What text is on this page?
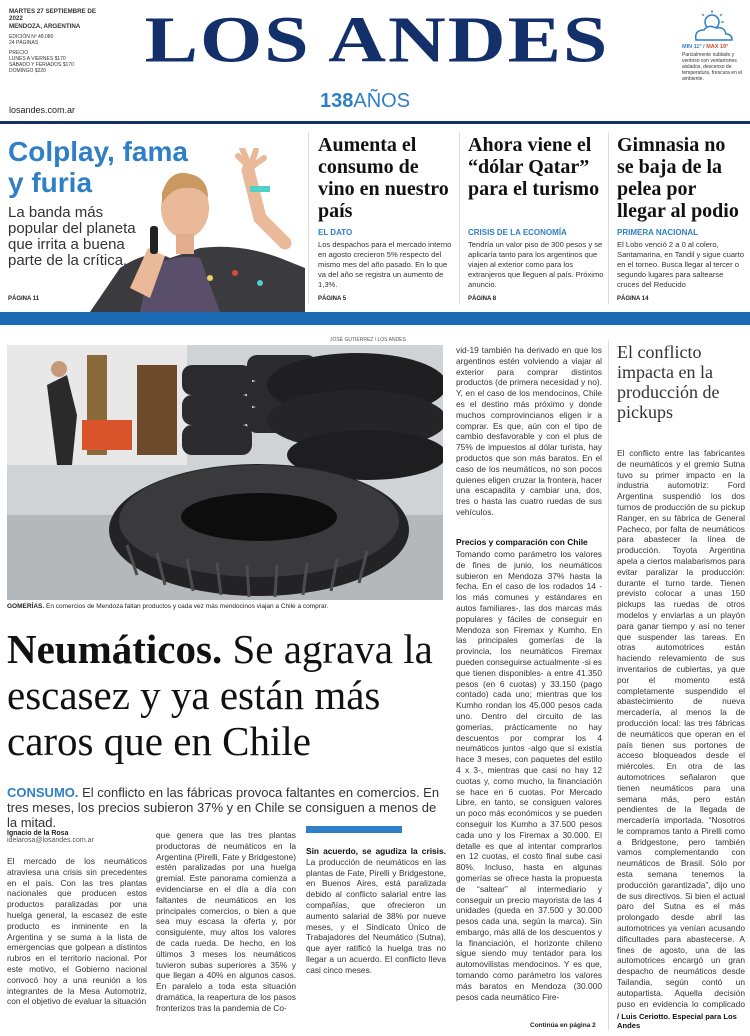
MARTES 27 SEPTIEMBRE DE 2022
MENDOZA, ARGENTINA
EDICIÓN Nº 48.080
24 PÁGINAS
PRECIO
LUNES A VIERNES $170
SÁBADO Y FERIADOS $170
DOMINGO $220	LOS ANDES
138AÑOS
losandes.com.ar
MIN 11° / MAX 19°
Parcialmente nublado y ventoso con ventarrones aislados, descenso de temperatura, frescura en el ambiente.
Colplay, fama y furia
La banda más popular del planeta que irrita a buena parte de la crítica.
PÁGINA 11
Aumenta el consumo de vino en nuestro país
EL DATO
Los despachos para el mercado interno en agosto crecieron 5% respecto del mismo mes del año pasado. En lo que va del año se registra un aumento de 1,3%.
PÁGINA 5
Ahora viene el “dólar Qatar” para el turismo
CRISIS DE LA ECONOMÍA
Tendría un valor piso de 300 pesos y se aplicaría tanto para los argentinos que viajen al exterior como para los extranjeros que lleguen al país. Próximo anuncio.
PÁGINA 8
Gimnasia no se baja de la pelea por llegar al podio
PRIMERA NACIONAL
El Lobo venció 2 a 0 al colero, Santamarina, en Tandil y sigue cuarto en el torneo. Busca llegar al tercer o segundo lugares para saltearse cruces del Reducido
PÁGINA 14
JOSÉ GUTIÉRREZ / LOS ANDES
GOMERÍAS. En comercios de Mendoza faltan productos y cada vez más mendocinos viajan a Chile a comprar.
Neumáticos. Se agrava la escasez y ya están más caros que en Chile
CONSUMO. El conflicto en las fábricas provoca faltantes en comercios. En tres meses, los precios subieron 37% y en Chile se consiguen a menos de la mitad.
Ignacio de la Rosa
idelarosa@losandes.com.ar
El mercado de los neumáticos atraviesa una crisis sin precedentes en el país. Con las tres plantas nacionales que producen estos productos paralizadas por una huelga general, la escasez de este producto es inminente en la Argentina y se suma a la lista de emergencias que golpean a distintos rubros en el territorio nacional. Por este motivo, el Gobierno nacional convocó hoy a una reunión a los integrantes de la Mesa Automotriz, con el objetivo de evaluar la situación
que genera que las tres plantas productoras de neumáticos en la Argentina (Pirelli, Fate y Bridgestone) estén paralizadas por una huelga gremial. Este panorama comienza a evidenciarse en el día a día con faltantes de neumáticos en los principales comercios, o bien a que sea muy escasa la oferta y, por consiguiente, muy altos los valores de cada rueda. De hecho, en los últimos 3 meses los neumáticos tuvieron subas superiores a 35% y que llegan a 40% en algunos casos. En paralelo a toda esta situación dramática, la reapertura de los pasos fronterizos tras la pandemia de Co-
Sin acuerdo, se agudiza la crisis. La producción de neumáticos en las plantas de Fate, Pirelli y Bridgestone, en Buenos Aires, está paralizada debido al conflicto salarial entre las compañías, que ofrecieron un aumento salarial de 38% por nueve meses, y el Sindicato Único de Trabajadores del Neumático (Sutna), que ayer ratificó la huelga tras no llegar a un acuerdo. El conflicto lleva casi cinco meses.
vid-19 también ha derivado en que los argentinos estén volviendo a viajar al exterior para comprar distintos productos (de primera necesidad y no). Y, en el caso de los mendocinos, Chile es el destino más próximo y donde muchos comprovincianos eligen ir a comprar. Es que, aún con el tipo de cambio desfavorable y con el plus de 75% de impuestos al dólar turista, hay productos que son más baratos. En el caso de los neumáticos, no son pocos quienes eligen cruzar la frontera, hacer una escapadita y cambiar una, dos, tres o hasta las cuatro ruedas de sus vehículos.
Precios y comparación con Chile
Tomando como parámetro los valores de fines de junio, los neumáticos subieron en Mendoza 37% hasta la fecha. En el caso de los rodados 14 -los más comunes y estándares en autos familiares-, las dos marcas más populares y fáciles de conseguir en Mendoza son Firemax y Kumho. En las principales gomerías de la provincia, los neumáticos Firemax pueden conseguirse actualmente -si es que tienen disponibles- a entre 41.350 pesos (en 6 cuotas) y 33.150 (pago contado) cada uno; mientras que los Kumho rondan los 45.000 pesos cada uno. Dentro del circuito de las gomerías, prácticamente no hay descuentos por comprar los 4 neumáticos juntos -algo que sí existía hace 3 meses, con paquetes del estilo 4 x 3-, mientras que casi no hay 12 cuotas y, como mucho, la financiación se hace en 6 cuotas. Por Mercado Libre, en tanto, se consiguen valores un poco más económicos y se pueden conseguir los Kumho a 37.500 pesos cada uno y los Firemax a 30.000. El detalle es que al intentar comprarlos en 12 cuotas, el costo final sube casi 80%. Incluso, hasta en algunas gomerías se ofrece hasta la propuesta de “saltear” al intermediario y conseguir un precio mayorista de las 4 unidades (queda en 37.500 y 30.000 pesos cada una, según la marca). Sin embargo, más allá de los descuentos y la financiación, el horizonte chileno sigue siendo muy tentador para los automovilistas mendocinos. Y es que, tomando como parámetro los valores más baratos en Mendoza (30.000 pesos cada neumático Fire-
Continúa en página 2
El conflicto impacta en la producción de pickups
El conflicto entre las fabricantes de neumáticos y el gremio Sutna tuvo su primer impacto en la industria automotriz: Ford Argentina suspendió los dos turnos de producción de su pickup Ranger, en su fábrica de General Pacheco, por falta de neumáticos para abastecer la línea de producción. Toyota Argentina apela a ciertos malabarismos para evitar paralizar la producción: durante el turno tarde. Tienen previsto colocar a unas 150 pickups las ruedas de otros modelos y enviarlas a un playón para ganar tiempo y así no tener que suspender las tareas. En otras automotrices están haciendo relevamiento de sus inventarios de cubiertas, ya que por el momento está completamente suspendido el abastecimiento de nueva mercadería, al menos la de producción local: las tres fábricas de neumáticos que operan en el país tienen sus portones de acceso bloqueados desde el miércoles. En otra de las automotrices señalaron que tienen neumáticos para una semana más, pero están pendientes de la llegada de mercadería importada. “Nosotros le compramos tanto a Pirelli como a Bridgestone, pero también vamos complementando con neumáticos de Brasil. Sólo por esta semana tenemos la producción garantizada”, dijo uno de sus directivos. Si bien el actual paro del Sutna es el más prolongado desde abril las automotrices ya venían acusando dificultades para abastecerse. A fines de agosto, una de las automotrices encargó un gran despacho de neumáticos desde Tailandia, según contó un autopartista. Aquella decisión puso en evidencia lo complicado
/ Luis Ceriotto. Especial para Los Andes
